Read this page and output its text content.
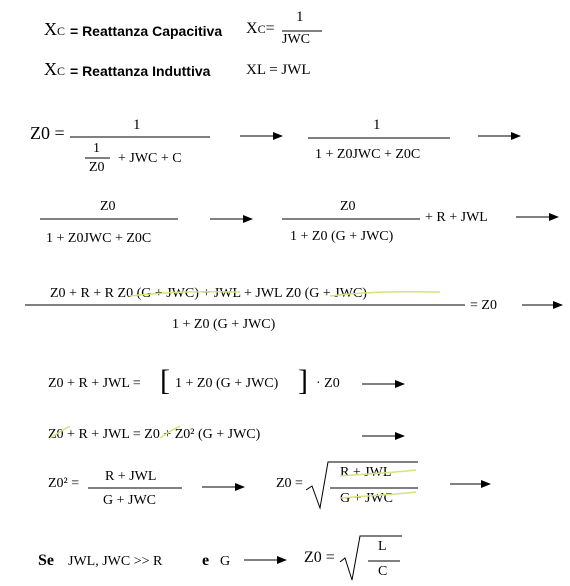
XC = Reattanza Capacitiva XC=
1
JWC
XC = Reattanza Induttiva XL = JWL
Z0 =	1
1
Z0
+ JWC + C
1
1 + Z0JWC + Z0C
Z0
1 + Z0JWC + Z0C
Z0
1 + Z0 (G + JWC)
+ R + JWL
Z0 + R + R Z0 (G + JWC) + JWL + JWL Z0 (G + JWC)
1 + Z0 (G + JWC)
= Z0
Z0 + R + JWL = [ 1 + Z0 (G + JWC) ] · Z0
Z0 + R + JWL = Z0 + Z0² (G + JWC)
Z0² = R + JWL
G + JWC
Z0 =
R + JWL
G + JWC
Se JWL, JWC >> R e G	Z0 =
L
C
